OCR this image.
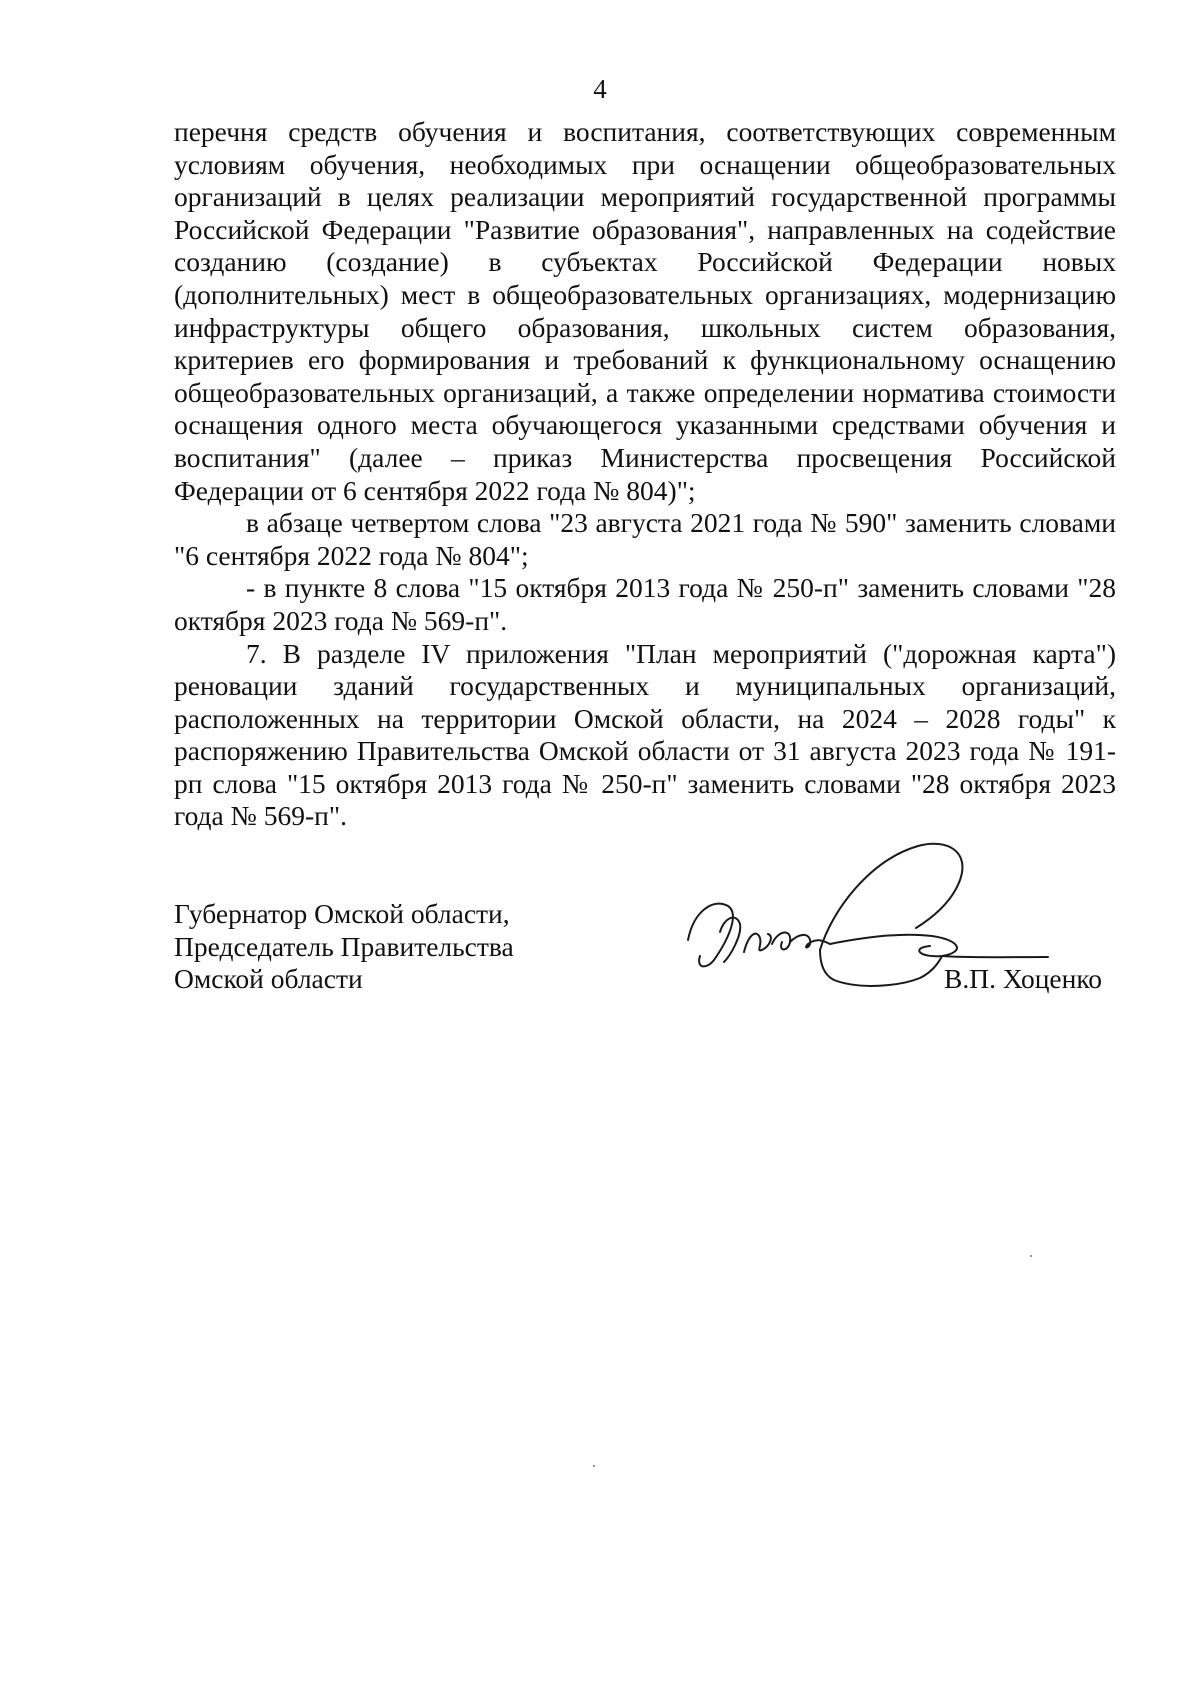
4

перечня средств обучения и воспитания, соответствующих современным условиям обучения, необходимых при оснащении общеобразовательных организаций в целях реализации мероприятий государственной программы Российской Федерации "Развитие образования", направленных на содействие созданию (создание) в субъектах Российской Федерации новых (дополнительных) мест в общеобразовательных организациях, модернизацию инфраструктуры общего образования, школьных систем образования, критериев его формирования и требований к функциональному оснащению общеобразовательных организаций, а также определении норматива стоимости оснащения одного места обучающегося указанными средствами обучения и воспитания" (далее – приказ Министерства просвещения Российской Федерации от 6 сентября 2022 года № 804)";

в абзаце четвертом слова "23 августа 2021 года № 590" заменить словами "6 сентября 2022 года № 804";

- в пункте 8 слова "15 октября 2013 года № 250-п" заменить словами "28 октября 2023 года № 569-п".

7. В разделе IV приложения "План мероприятий ("дорожная карта") реновации зданий государственных и муниципальных организаций, расположенных на территории Омской области, на 2024 – 2028 годы" к распоряжению Правительства Омской области от 31 августа 2023 года № 191-рп слова "15 октября 2013 года № 250-п" заменить словами "28 октября 2023 года № 569-п".

Губернатор Омской области,
Председатель Правительства
Омской области	В.П. Хоценко
